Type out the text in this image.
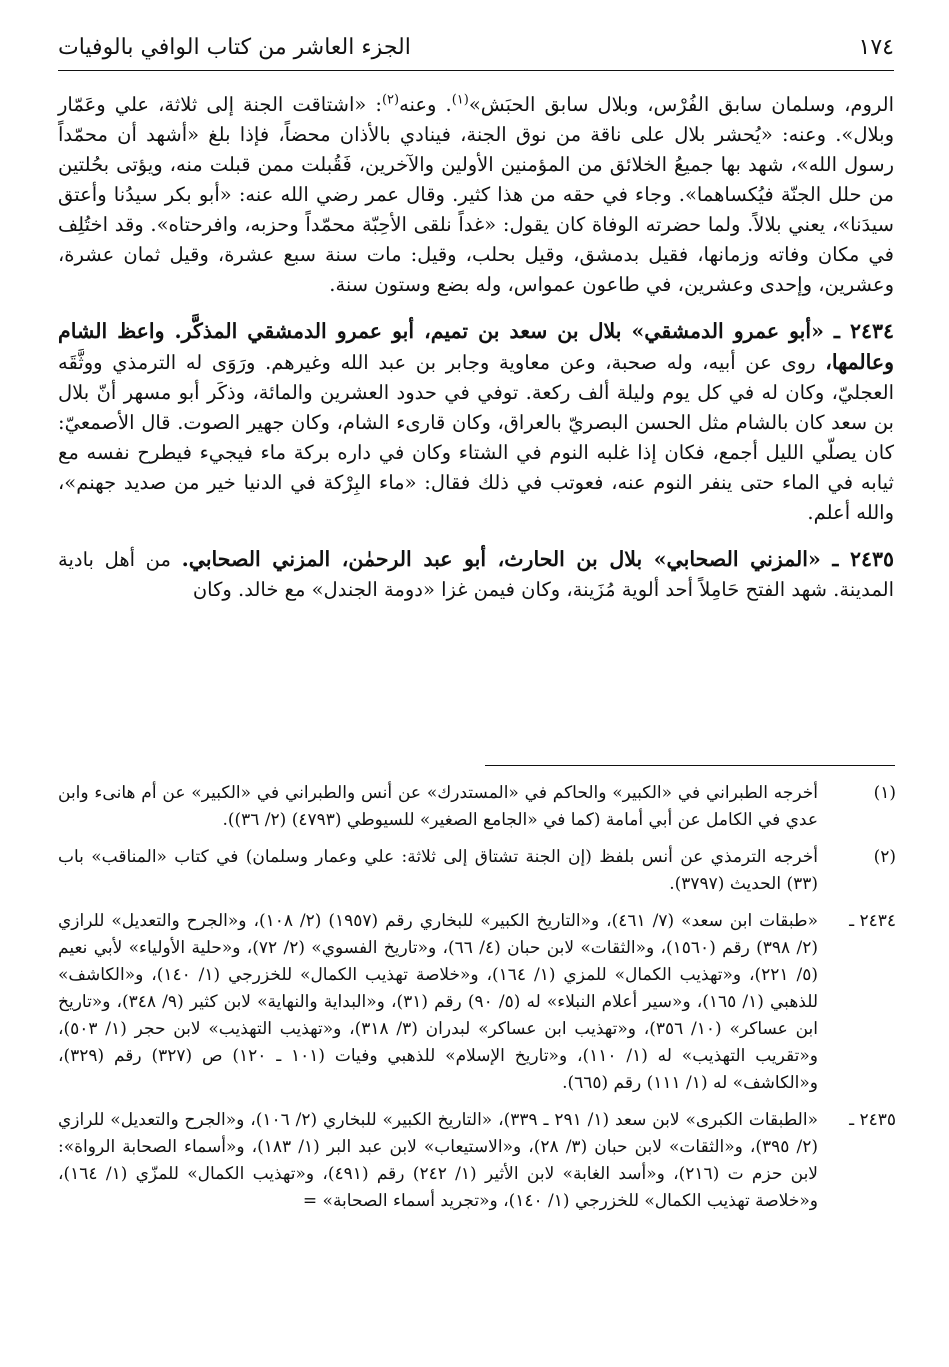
١٧٤
الجزء العاشر من كتاب الوافي بالوفيات

الروم، وسلمان سابق الفُرْس، وبلال سابق الحبَش»$^{(١)}$. وعنه$^{(٢)}$: «اشتاقت الجنة إلى ثلاثة، علي وعَمّار وبلال». وعنه: «يُحشر بلال على ناقة من نوق الجنة، فينادي بالأذان محضاً، فإذا بلغ «أشهد أن محمّداً رسول الله»، شهد بها جميعُ الخلائق من المؤمنين الأولين والآخرين، فَقُبلت ممن قبلت منه، ويؤتى بحُلتين من حلل الجنّة فيُكساهما». وجاء في حقه من هذا كثير. وقال عمر رضي الله عنه: «أبو بكر سيدُنا وأعتق سيدَنا»، يعني بلالاً. ولما حضرته الوفاة كان يقول: «غداً نلقى الأحِبّة محمّداً وحزبه، وافرحتاه». وقد اختُلِف في مكان وفاته وزمانها، فقيل بدمشق، وقيل بحلب، وقيل: مات سنة سبع عشرة، وقيل ثمان عشرة، وعشرين، وإحدى وعشرين، في طاعون عمواس، وله بضع وستون سنة.

٢٤٣٤ ـ «أبو عمرو الدمشقي» بلال بن سعد بن تميم، أبو عمرو الدمشقي المذكَّر. واعظ الشام وعالمها، روى عن أبيه، وله صحبة، وعن معاوية وجابر بن عبد الله وغيرهم. ورَوَى له الترمذي ووثَّقَه العجليّ، وكان له في كل يوم وليلة ألف ركعة. توفي في حدود العشرين والمائة، وذكَر أبو مسهر أنّ بلال بن سعد كان بالشام مثل الحسن البصريّ بالعراق، وكان قارىء الشام، وكان جهير الصوت. قال الأصمعيّ: كان يصلّي الليل أجمع، فكان إذا غلبه النوم في الشتاء وكان في داره بركة ماء فيجيء فيطرح نفسه مع ثيابه في الماء حتى ينفر النوم عنه، فعوتب في ذلك فقال: «ماء البِرْكة في الدنيا خير من صديد جهنم»، والله أعلم.

٢٤٣٥ ـ «المزني الصحابي» بلال بن الحارث، أبو عبد الرحمٰن، المزني الصحابي. من أهل بادية المدينة. شهد الفتح حَامِلاً أحد ألوية مُزَينة، وكان فيمن غزا «دومة الجندل» مع خالد. وكان

(١)
أخرجه الطبراني في «الكبير» والحاكم في «المستدرك» عن أنس والطبراني في «الكبير» عن أم هانىء وابن عدي في الكامل عن أبي أمامة (كما في «الجامع الصغير» للسيوطي (٤٧٩٣) (٢/ ٣٦)).
(٢)
أخرجه الترمذي عن أنس بلفظ (إن الجنة تشتاق إلى ثلاثة: علي وعمار وسلمان) في كتاب «المناقب» باب (٣٣) الحديث (٣٧٩٧).
٢٤٣٤ ـ
«طبقات ابن سعد» (٧/ ٤٦١)، و«التاريخ الكبير» للبخاري رقم (١٩٥٧) (٢/ ١٠٨)، و«الجرح والتعديل» للرازي (٢/ ٣٩٨) رقم (١٥٦٠)، و«الثقات» لابن حبان (٤/ ٦٦)، و«تاريخ الفسوي» (٢/ ٧٢)، و«حلية الأولياء» لأبي نعيم (٥/ ٢٢١)، و«تهذيب الكمال» للمزي (١/ ١٦٤)، و«خلاصة تهذيب الكمال» للخزرجي (١/ ١٤٠)، و«الكاشف» للذهبي (١/ ١٦٥)، و«سير أعلام النبلاء» له (٥/ ٩٠) رقم (٣١)، و«البداية والنهاية» لابن كثير (٩/ ٣٤٨)، و«تاريخ ابن عساكر» (١٠/ ٣٥٦)، و«تهذيب ابن عساكر» لبدران (٣/ ٣١٨)، و«تهذيب التهذيب» لابن حجر (١/ ٥٠٣)، و«تقريب التهذيب» له (١/ ١١٠)، و«تاريخ الإسلام» للذهبي وفيات (١٠١ ـ ١٢٠) ص (٣٢٧) رقم (٣٢٩)، و«الكاشف» له (١/ ١١١) رقم (٦٦٥).
٢٤٣٥ ـ
«الطبقات الكبرى» لابن سعد (١/ ٢٩١ ـ ٣٣٩)، «التاريخ الكبير» للبخاري (٢/ ١٠٦)، و«الجرح والتعديل» للرازي (٢/ ٣٩٥)، و«الثقات» لابن حبان (٣/ ٢٨)، و«الاستيعاب» لابن عبد البر (١/ ١٨٣)، و«أسماء الصحابة الرواة»: لابن حزم ت (٢١٦)، و«أسد الغابة» لابن الأثير (١/ ٢٤٢) رقم (٤٩١)، و«تهذيب الكمال» للمزّي (١/ ١٦٤)، و«خلاصة تهذيب الكمال» للخزرجي (١/ ١٤٠)، و«تجريد أسماء الصحابة» =
